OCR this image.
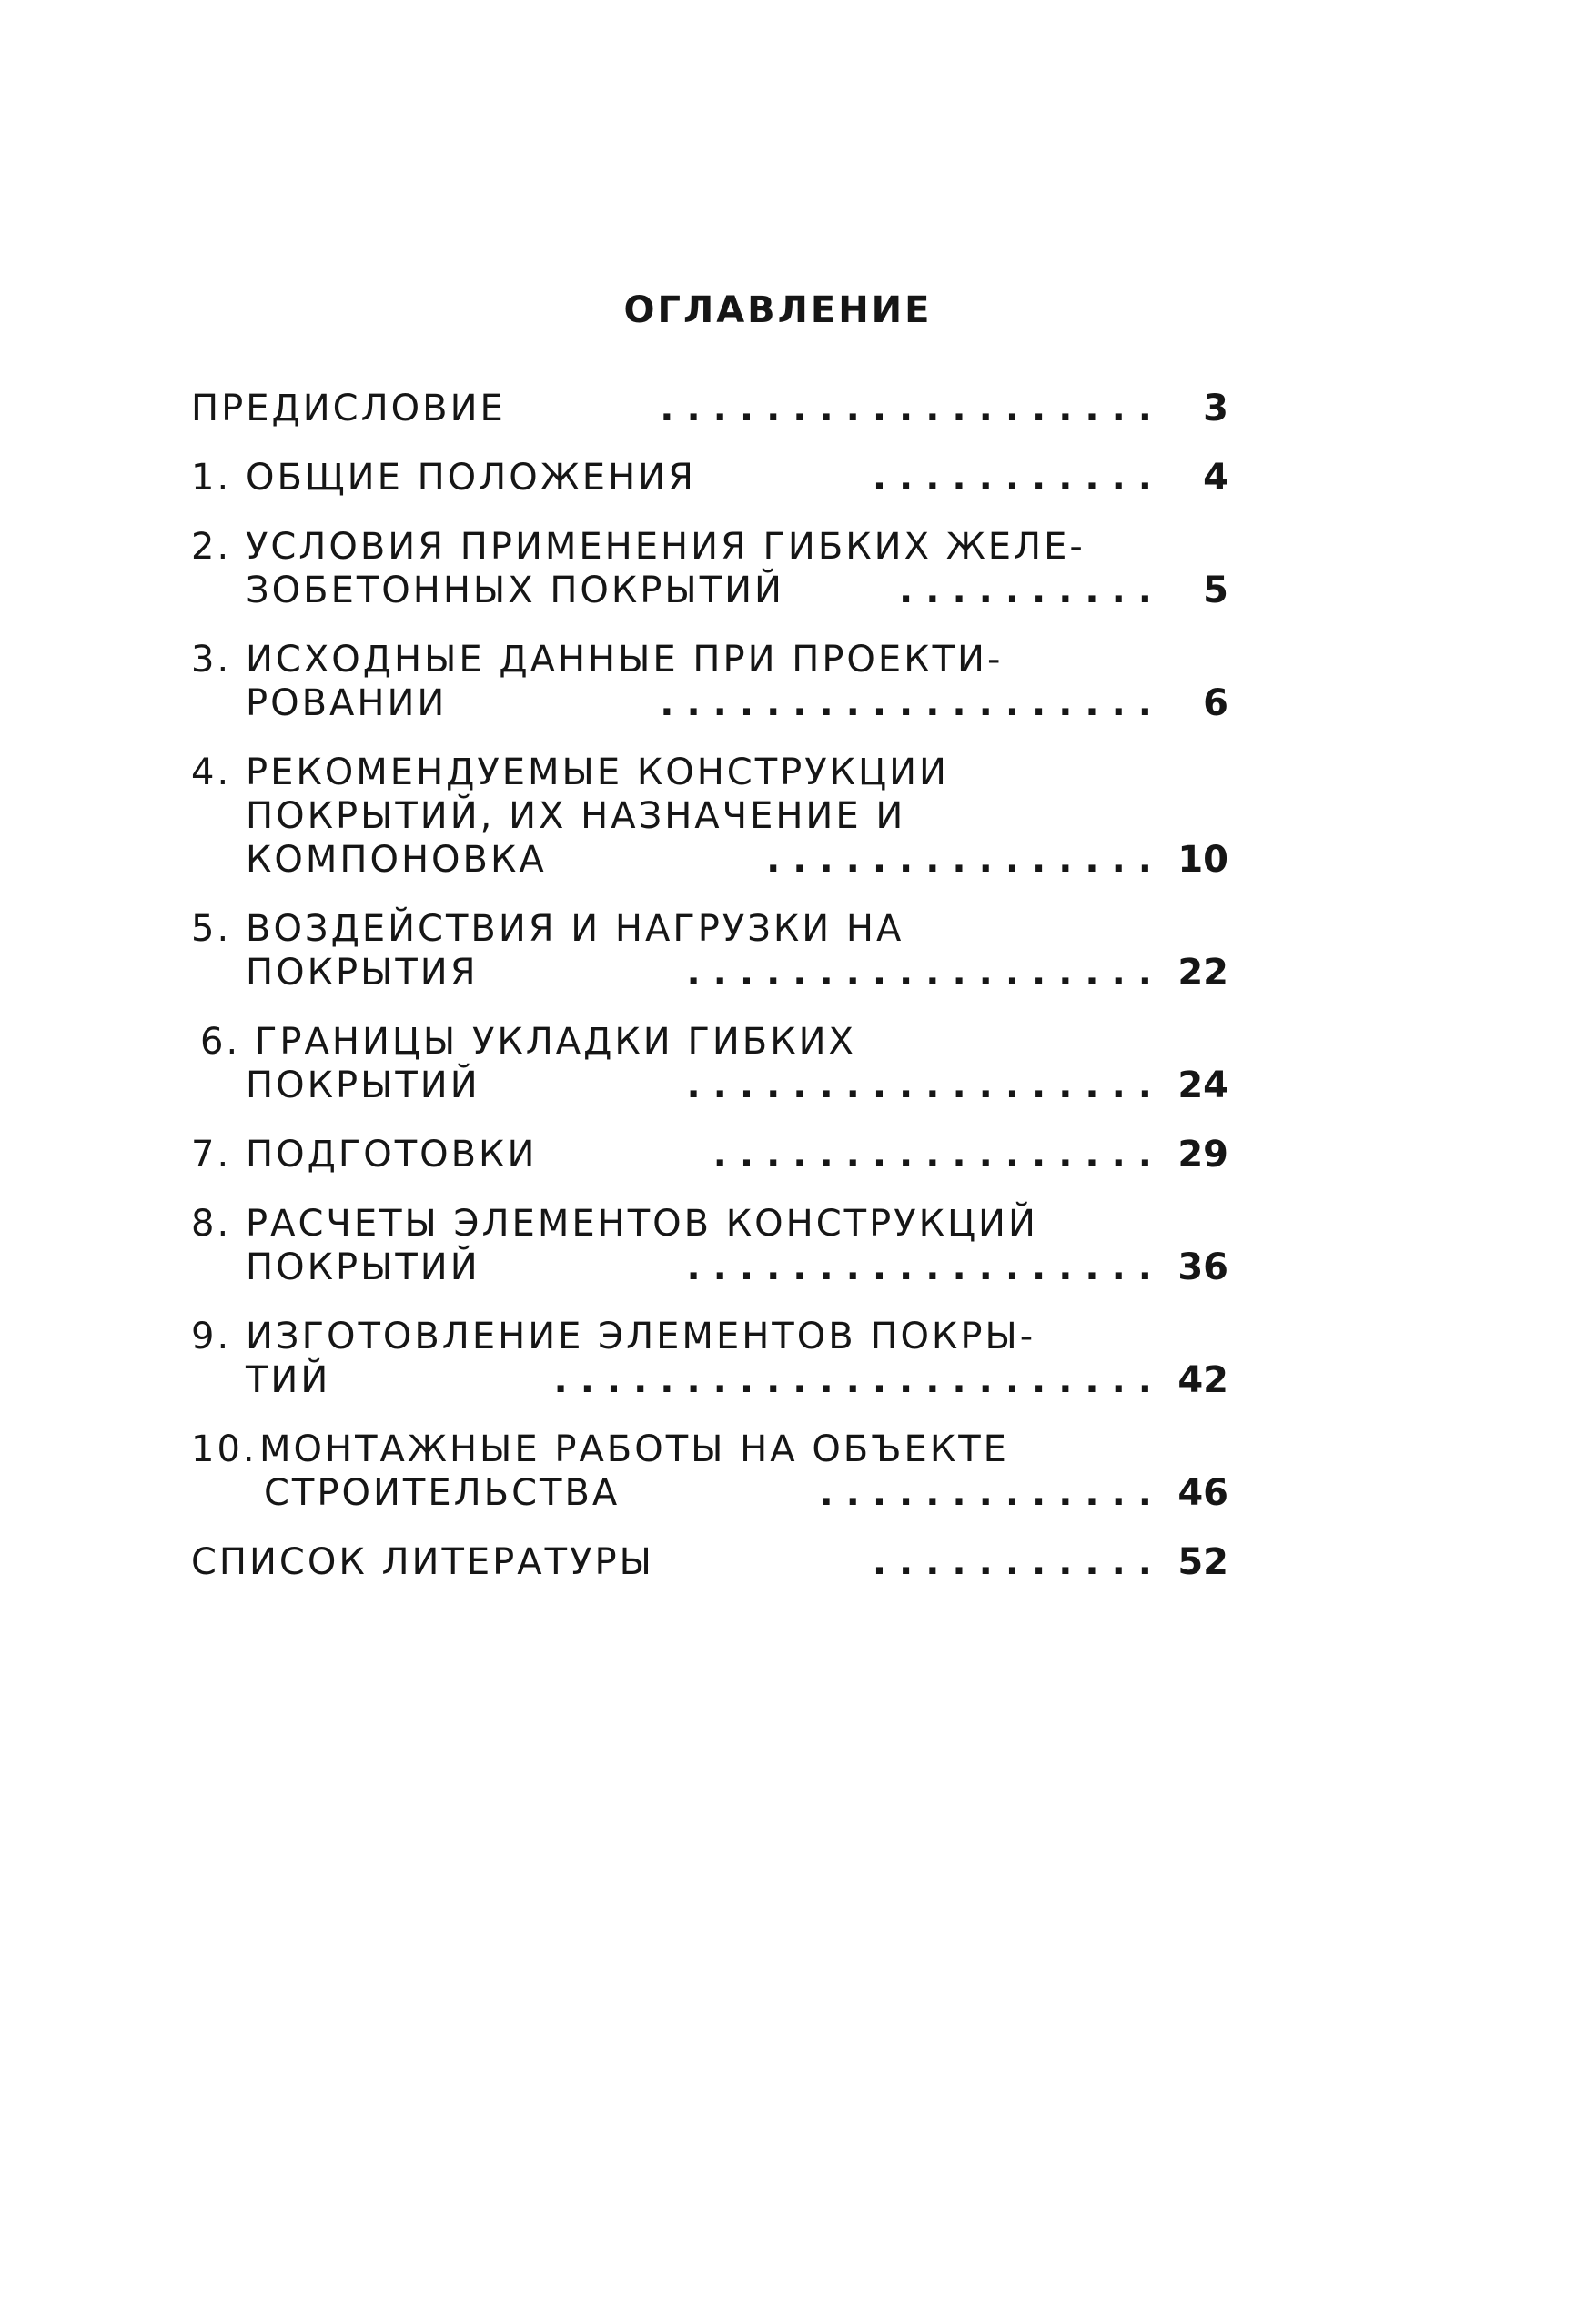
ОГЛАВЛЕНИЕ
ПРЕДИСЛОВИЕ	...................	3
1. ОБЩИЕ ПОЛОЖЕНИЯ	...........	4
2. УСЛОВИЯ ПРИМЕНЕНИЯ ГИБКИХ ЖЕЛЕ-
ЗОБЕТОННЫХ ПОКРЫТИЙ	..........	5
3. ИСХОДНЫЕ ДАННЫЕ ПРИ ПРОЕКТИ-
РОВАНИИ	...................	6
4. РЕКОМЕНДУЕМЫЕ КОНСТРУКЦИИ
ПОКРЫТИЙ, ИХ НАЗНАЧЕНИЕ И
КОМПОНОВКА	............... 10
5. ВОЗДЕЙСТВИЯ И НАГРУЗКИ НА
ПОКРЫТИЯ	.................. 22
6. ГРАНИЦЫ УКЛАДКИ ГИБКИХ
ПОКРЫТИЙ	.................. 24
7. ПОДГОТОВКИ	................. 29
8. РАСЧЕТЫ ЭЛЕМЕНТОВ КОНСТРУКЦИЙ
ПОКРЫТИЙ	.................. 36
9. ИЗГОТОВЛЕНИЕ ЭЛЕМЕНТОВ ПОКРЫ-
ТИЙ	....................... 42
10.МОНТАЖНЫЕ РАБОТЫ НА ОБЪЕКТЕ
СТРОИТЕЛЬСТВА	............. 46
СПИСОК ЛИТЕРАТУРЫ	........... 52
